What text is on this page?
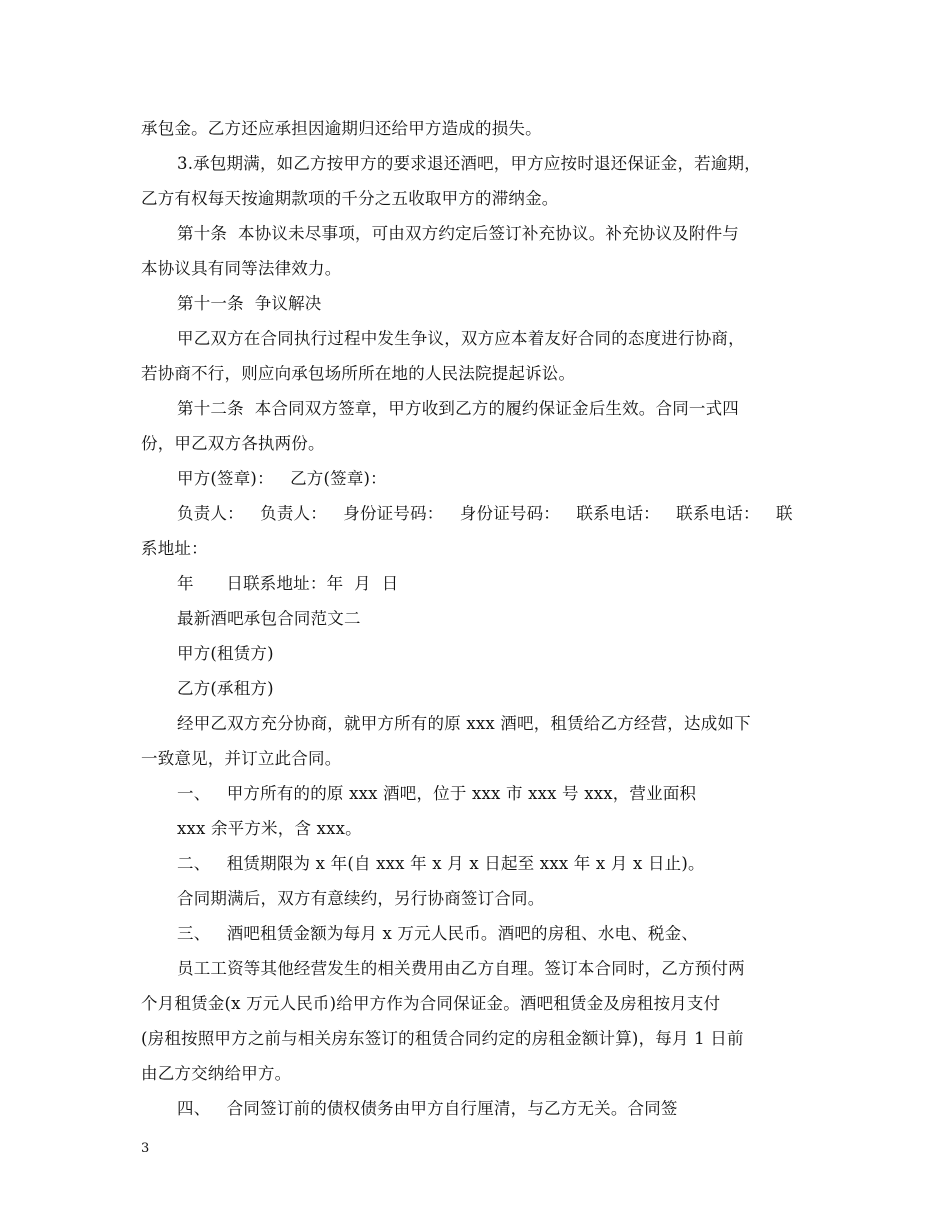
承包金。乙方还应承担因逾期归还给甲方造成的损失。
3.承包期满，如乙方按甲方的要求退还酒吧，甲方应按时退还保证金，若逾期，
乙方有权每天按逾期款项的千分之五收取甲方的滞纳金。
第十条  本协议未尽事项，可由双方约定后签订补充协议。补充协议及附件与
本协议具有同等法律效力。
第十一条  争议解决
甲乙双方在合同执行过程中发生争议，双方应本着友好合同的态度进行协商，
若协商不行，则应向承包场所所在地的人民法院提起诉讼。
第十二条  本合同双方签章，甲方收到乙方的履约保证金后生效。合同一式四
份，甲乙双方各执两份。
甲方(签章)：   乙方(签章)：
负责人：   负责人：   身份证号码：   身份证号码：   联系电话：   联系电话：   联
系地址：
年      日联系地址：年  月  日
最新酒吧承包合同范文二
甲方(租赁方)
乙方(承租方)
经甲乙双方充分协商，就甲方所有的原 xxx 酒吧，租赁给乙方经营，达成如下
一致意见，并订立此合同。
一、   甲方所有的的原 xxx 酒吧，位于 xxx 市 xxx 号 xxx，营业面积
xxx 余平方米，含 xxx。
二、   租赁期限为 x 年(自 xxx 年 x 月 x 日起至 xxx 年 x 月 x 日止)。
合同期满后，双方有意续约，另行协商签订合同。
三、   酒吧租赁金额为每月 x 万元人民币。酒吧的房租、水电、税金、
员工工资等其他经营发生的相关费用由乙方自理。签订本合同时，乙方预付两
个月租赁金(x 万元人民币)给甲方作为合同保证金。酒吧租赁金及房租按月支付
(房租按照甲方之前与相关房东签订的租赁合同约定的房租金额计算)，每月 1 日前
由乙方交纳给甲方。
四、   合同签订前的债权债务由甲方自行厘清，与乙方无关。合同签
3
